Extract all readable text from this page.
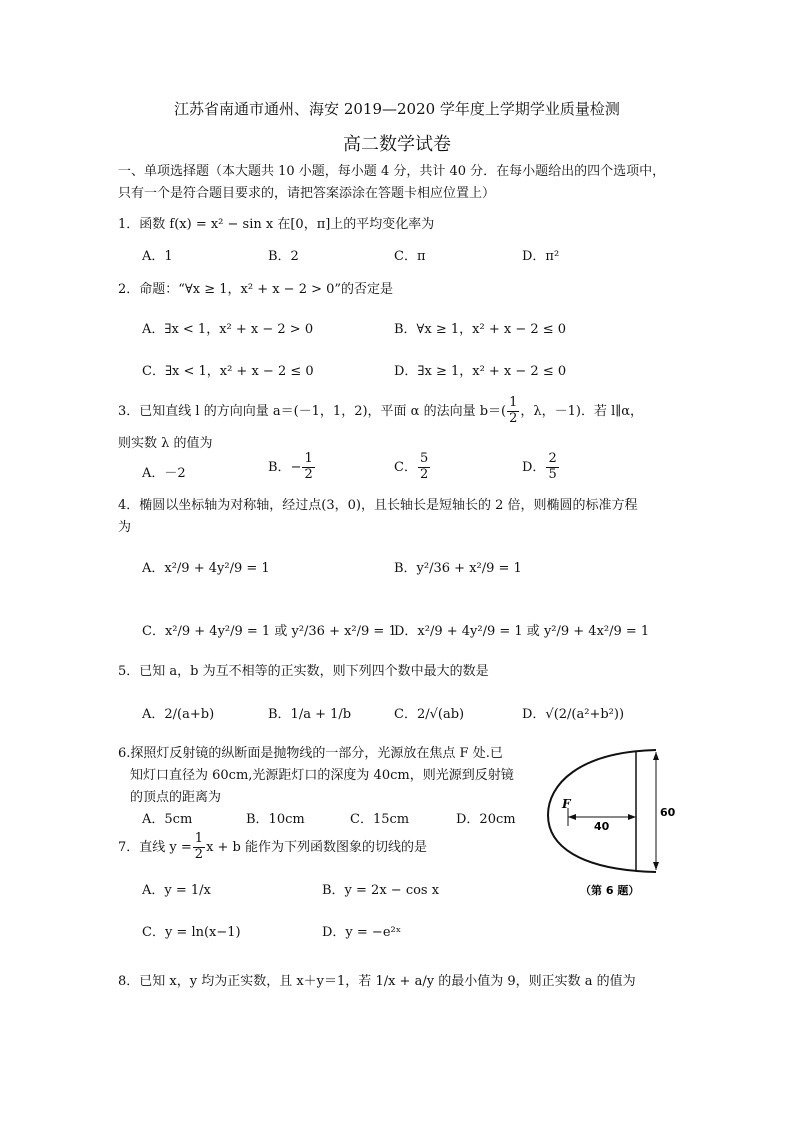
江苏省南通市通州、海安 2019—2020 学年度上学期学业质量检测
高二数学试卷
一、单项选择题（本大题共 10 小题，每小题 4 分，共计 40 分．在每小题给出的四个选项中，
只有一个是符合题目要求的，请把答案添涂在答题卡相应位置上）
1．函数 f(x) = x² − sin x 在[0，π]上的平均变化率为
A．1	B．2	C．π	D．π²
2．命题：“∀x ≥ 1，x² + x − 2 > 0”的否定是
A．∃x < 1，x² + x − 2 > 0	B．∀x ≥ 1，x² + x − 2 ≤ 0
C．∃x < 1，x² + x − 2 ≤ 0	D．∃x ≥ 1，x² + x − 2 ≤ 0
3．已知直线 l 的方向向量 a＝(－1，1，2)，平面 α 的法向量 $b=( \frac{1}{2}$ ，λ，－1)．若 l∥α，
则实数 λ 的值为
A．－2	B．− $\frac{1}{2}$	C． $\frac{5}{2}$	D． $\frac{2}{5}$
4．椭圆以坐标轴为对称轴，经过点(3，0)，且长轴长是短轴长的 2 倍，则椭圆的标准方程
为
A．x²/9 + 4y²/9 = 1	B．y²/36 + x²/9 = 1
C．x²/9 + 4y²/9 = 1 或 y²/36 + x²/9 = 1
D．x²/9 + 4y²/9 = 1 或 y²/9 + 4x²/9 = 1
5．已知 a，b 为互不相等的正实数，则下列四个数中最大的数是
A．2/(a+b)	B．1/a + 1/b	C．2/√(ab)	D．√(2/(a²+b²))
6.探照灯反射镜的纵断面是抛物线的一部分，光源放在焦点 F 处.已
知灯口直径为 60cm,光源距灯口的深度为 40cm，则光源到反射镜
的顶点的距离为
A．5cm	B．10cm	C．15cm	D．20cm
F
40
60
（第 6 题）
7．直线 $y = \frac{1}{2}$ x + b 能作为下列函数图象的切线的是
A．y = 1/x	B．y = 2x − cos x
C．y = ln(x−1)	D．y = −e²ˣ
8．已知 x，y 均为正实数，且 x＋y＝1，若 1/x + a/y 的最小值为 9，则正实数 a 的值为
